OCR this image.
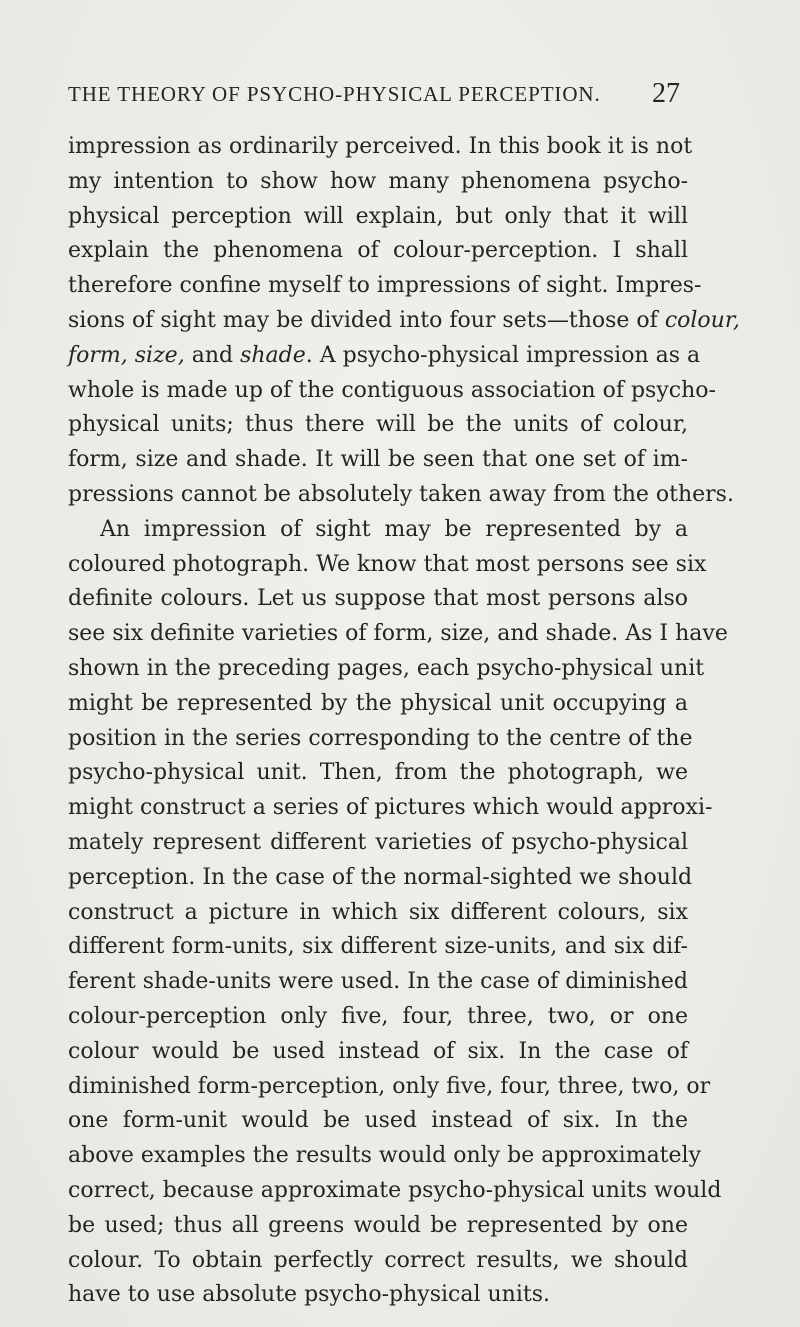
THE THEORY OF PSYCHO-PHYSICAL PERCEPTION. 27
impression as ordinarily perceived. In this book it is not
my intention to show how many phenomena psycho-
physical perception will explain, but only that it will
explain the phenomena of colour-perception. I shall
therefore confine myself to impressions of sight. Impres-
sions of sight may be divided into four sets—those of colour,
form, size, and shade. A psycho-physical impression as a
whole is made up of the contiguous association of psycho-
physical units; thus there will be the units of colour,
form, size and shade. It will be seen that one set of im-
pressions cannot be absolutely taken away from the others.
An impression of sight may be represented by a
coloured photograph. We know that most persons see six
definite colours. Let us suppose that most persons also
see six definite varieties of form, size, and shade. As I have
shown in the preceding pages, each psycho-physical unit
might be represented by the physical unit occupying a
position in the series corresponding to the centre of the
psycho-physical unit. Then, from the photograph, we
might construct a series of pictures which would approxi-
mately represent different varieties of psycho-physical
perception. In the case of the normal-sighted we should
construct a picture in which six different colours, six
different form-units, six different size-units, and six dif-
ferent shade-units were used. In the case of diminished
colour-perception only five, four, three, two, or one
colour would be used instead of six. In the case of
diminished form-perception, only five, four, three, two, or
one form-unit would be used instead of six. In the
above examples the results would only be approximately
correct, because approximate psycho-physical units would
be used; thus all greens would be represented by one
colour. To obtain perfectly correct results, we should
have to use absolute psycho-physical units.
